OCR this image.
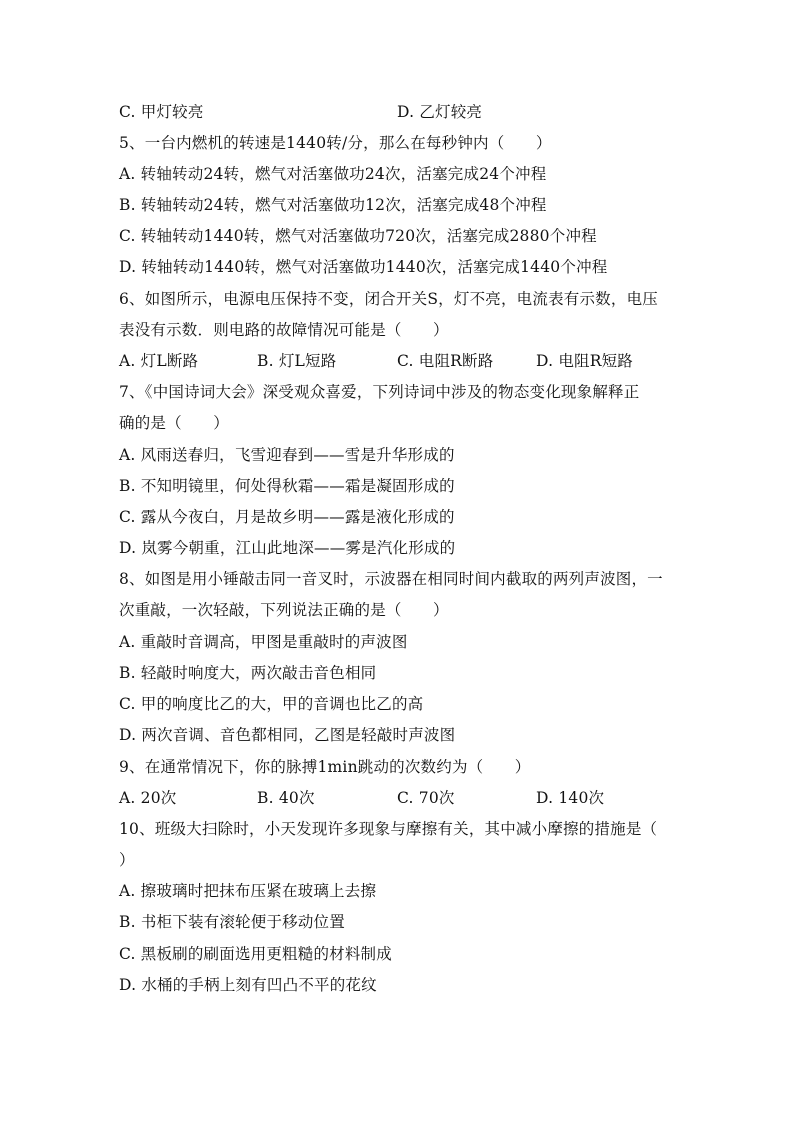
C. 甲灯较亮	D. 乙灯较亮
5、一台内燃机的转速是1440转/分，那么在每秒钟内（　　）
A. 转轴转动24转，燃气对活塞做功24次，活塞完成24个冲程
B. 转轴转动24转，燃气对活塞做功12次，活塞完成48个冲程
C. 转轴转动1440转，燃气对活塞做功720次，活塞完成2880个冲程
D. 转轴转动1440转，燃气对活塞做功1440次，活塞完成1440个冲程
6、如图所示，电源电压保持不变，闭合开关S，灯不亮，电流表有示数，电压
表没有示数．则电路的故障情况可能是（　　）
A. 灯L断路	B. 灯L短路	C. 电阻R断路	D. 电阻R短路
7、《中国诗词大会》深受观众喜爱，下列诗词中涉及的物态变化现象解释正
确的是（　　）
A. 风雨送春归，飞雪迎春到——雪是升华形成的
B. 不知明镜里，何处得秋霜——霜是凝固形成的
C. 露从今夜白，月是故乡明——露是液化形成的
D. 岚雾今朝重，江山此地深——雾是汽化形成的
8、如图是用小锤敲击同一音叉时，示波器在相同时间内截取的两列声波图，一
次重敲，一次轻敲，下列说法正确的是（　　）
A. 重敲时音调高，甲图是重敲时的声波图
B. 轻敲时响度大，两次敲击音色相同
C. 甲的响度比乙的大，甲的音调也比乙的高
D. 两次音调、音色都相同，乙图是轻敲时声波图
9、在通常情况下，你的脉搏1min跳动的次数约为（　　）
A. 20次	B. 40次	C. 70次	D. 140次
10、班级大扫除时，小天发现许多现象与摩擦有关，其中减小摩擦的措施是（
）
A. 擦玻璃时把抹布压紧在玻璃上去擦
B. 书柜下装有滚轮便于移动位置
C. 黑板刷的刷面选用更粗糙的材料制成
D. 水桶的手柄上刻有凹凸不平的花纹
